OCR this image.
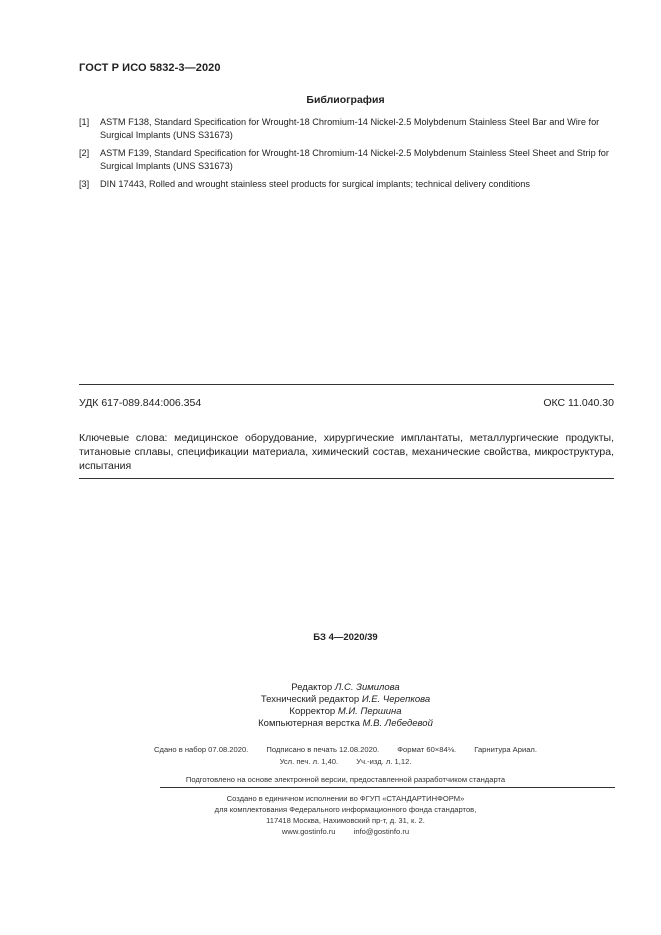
ГОСТ Р ИСО 5832-3—2020
Библиография
[1]	ASTM F138, Standard Specification for Wrought-18 Chromium-14 Nickel-2.5 Molybdenum Stainless Steel Bar and Wire for Surgical Implants (UNS S31673)
[2]	ASTM F139, Standard Specification for Wrought-18 Chromium-14 Nickel-2.5 Molybdenum Stainless Steel Sheet and Strip for Surgical Implants (UNS S31673)
[3]	DIN 17443, Rolled and wrought stainless steel products for surgical implants; technical delivery conditions
УДК 617-089.844:006.354	ОКС 11.040.30
Ключевые слова: медицинское оборудование, хирургические имплантаты, металлургические продукты, титановые сплавы, спецификации материала, химический состав, механические свойства, микроструктура, испытания
БЗ 4—2020/39
Редактор Л.С. Зимилова
Технический редактор И.Е. Черепкова
Корректор М.И. Першина
Компьютерная верстка М.В. Лебедевой
Сдано в набор 07.08.2020. Подписано в печать 12.08.2020. Формат 60×84⅛. Гарнитура Ариал.
Усл. печ. л. 1,40. Уч.-изд. л. 1,12.
Подготовлено на основе электронной версии, предоставленной разработчиком стандарта
Создано в единичном исполнении во ФГУП «СТАНДАРТИНФОРМ»
для комплектования Федерального информационного фонда стандартов,
117418 Москва, Нахимовский пр-т, д. 31, к. 2.
www.gostinfo.ru info@gostinfo.ru
